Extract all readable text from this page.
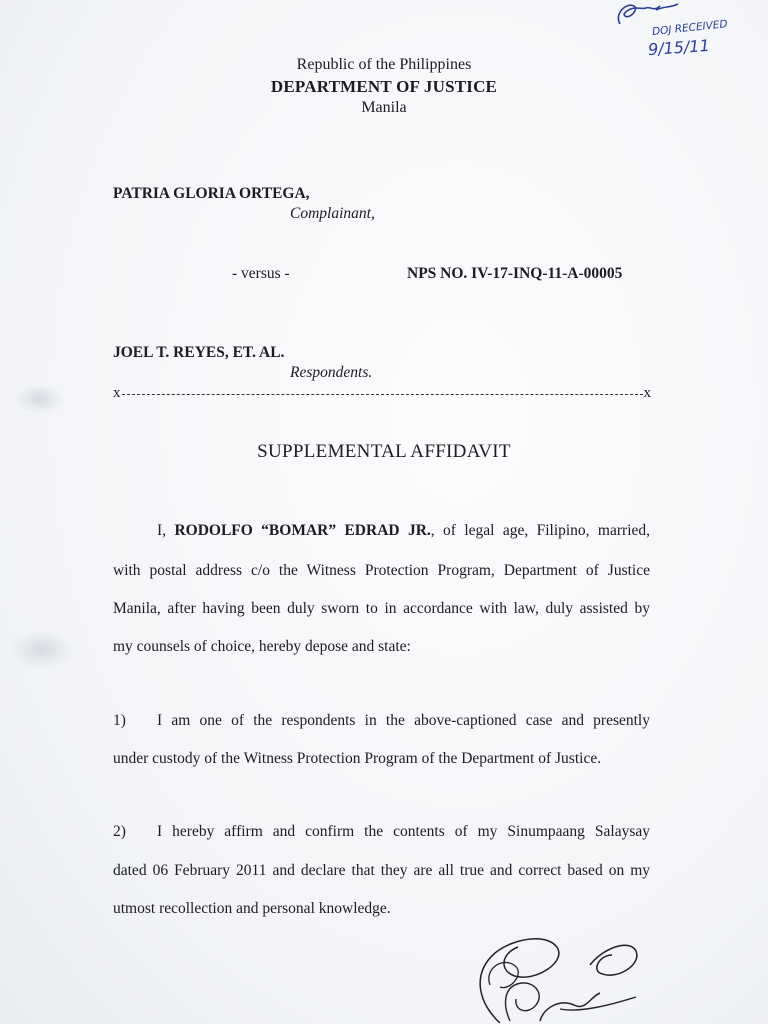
DOJ RECEIVED
9/15/11
Republic of the Philippines
DEPARTMENT OF JUSTICE
Manila
PATRIA GLORIA ORTEGA,
Complainant,
- versus -	NPS NO. IV-17-INQ-11-A-00005
JOEL T. REYES, ET. AL.
Respondents.
x	x
SUPPLEMENTAL AFFIDAVIT
I, RODOLFO “BOMAR” EDRAD JR., of legal age, Filipino, married,
with postal address c/o the Witness Protection Program, Department of Justice
Manila, after having been duly sworn to in accordance with law, duly assisted by
my counsels of choice, hereby depose and state:
1) I am one of the respondents in the above-captioned case and presently
under custody of the Witness Protection Program of the Department of Justice.
2) I hereby affirm and confirm the contents of my Sinumpaang Salaysay
dated 06 February 2011 and declare that they are all true and correct based on my
utmost recollection and personal knowledge.
